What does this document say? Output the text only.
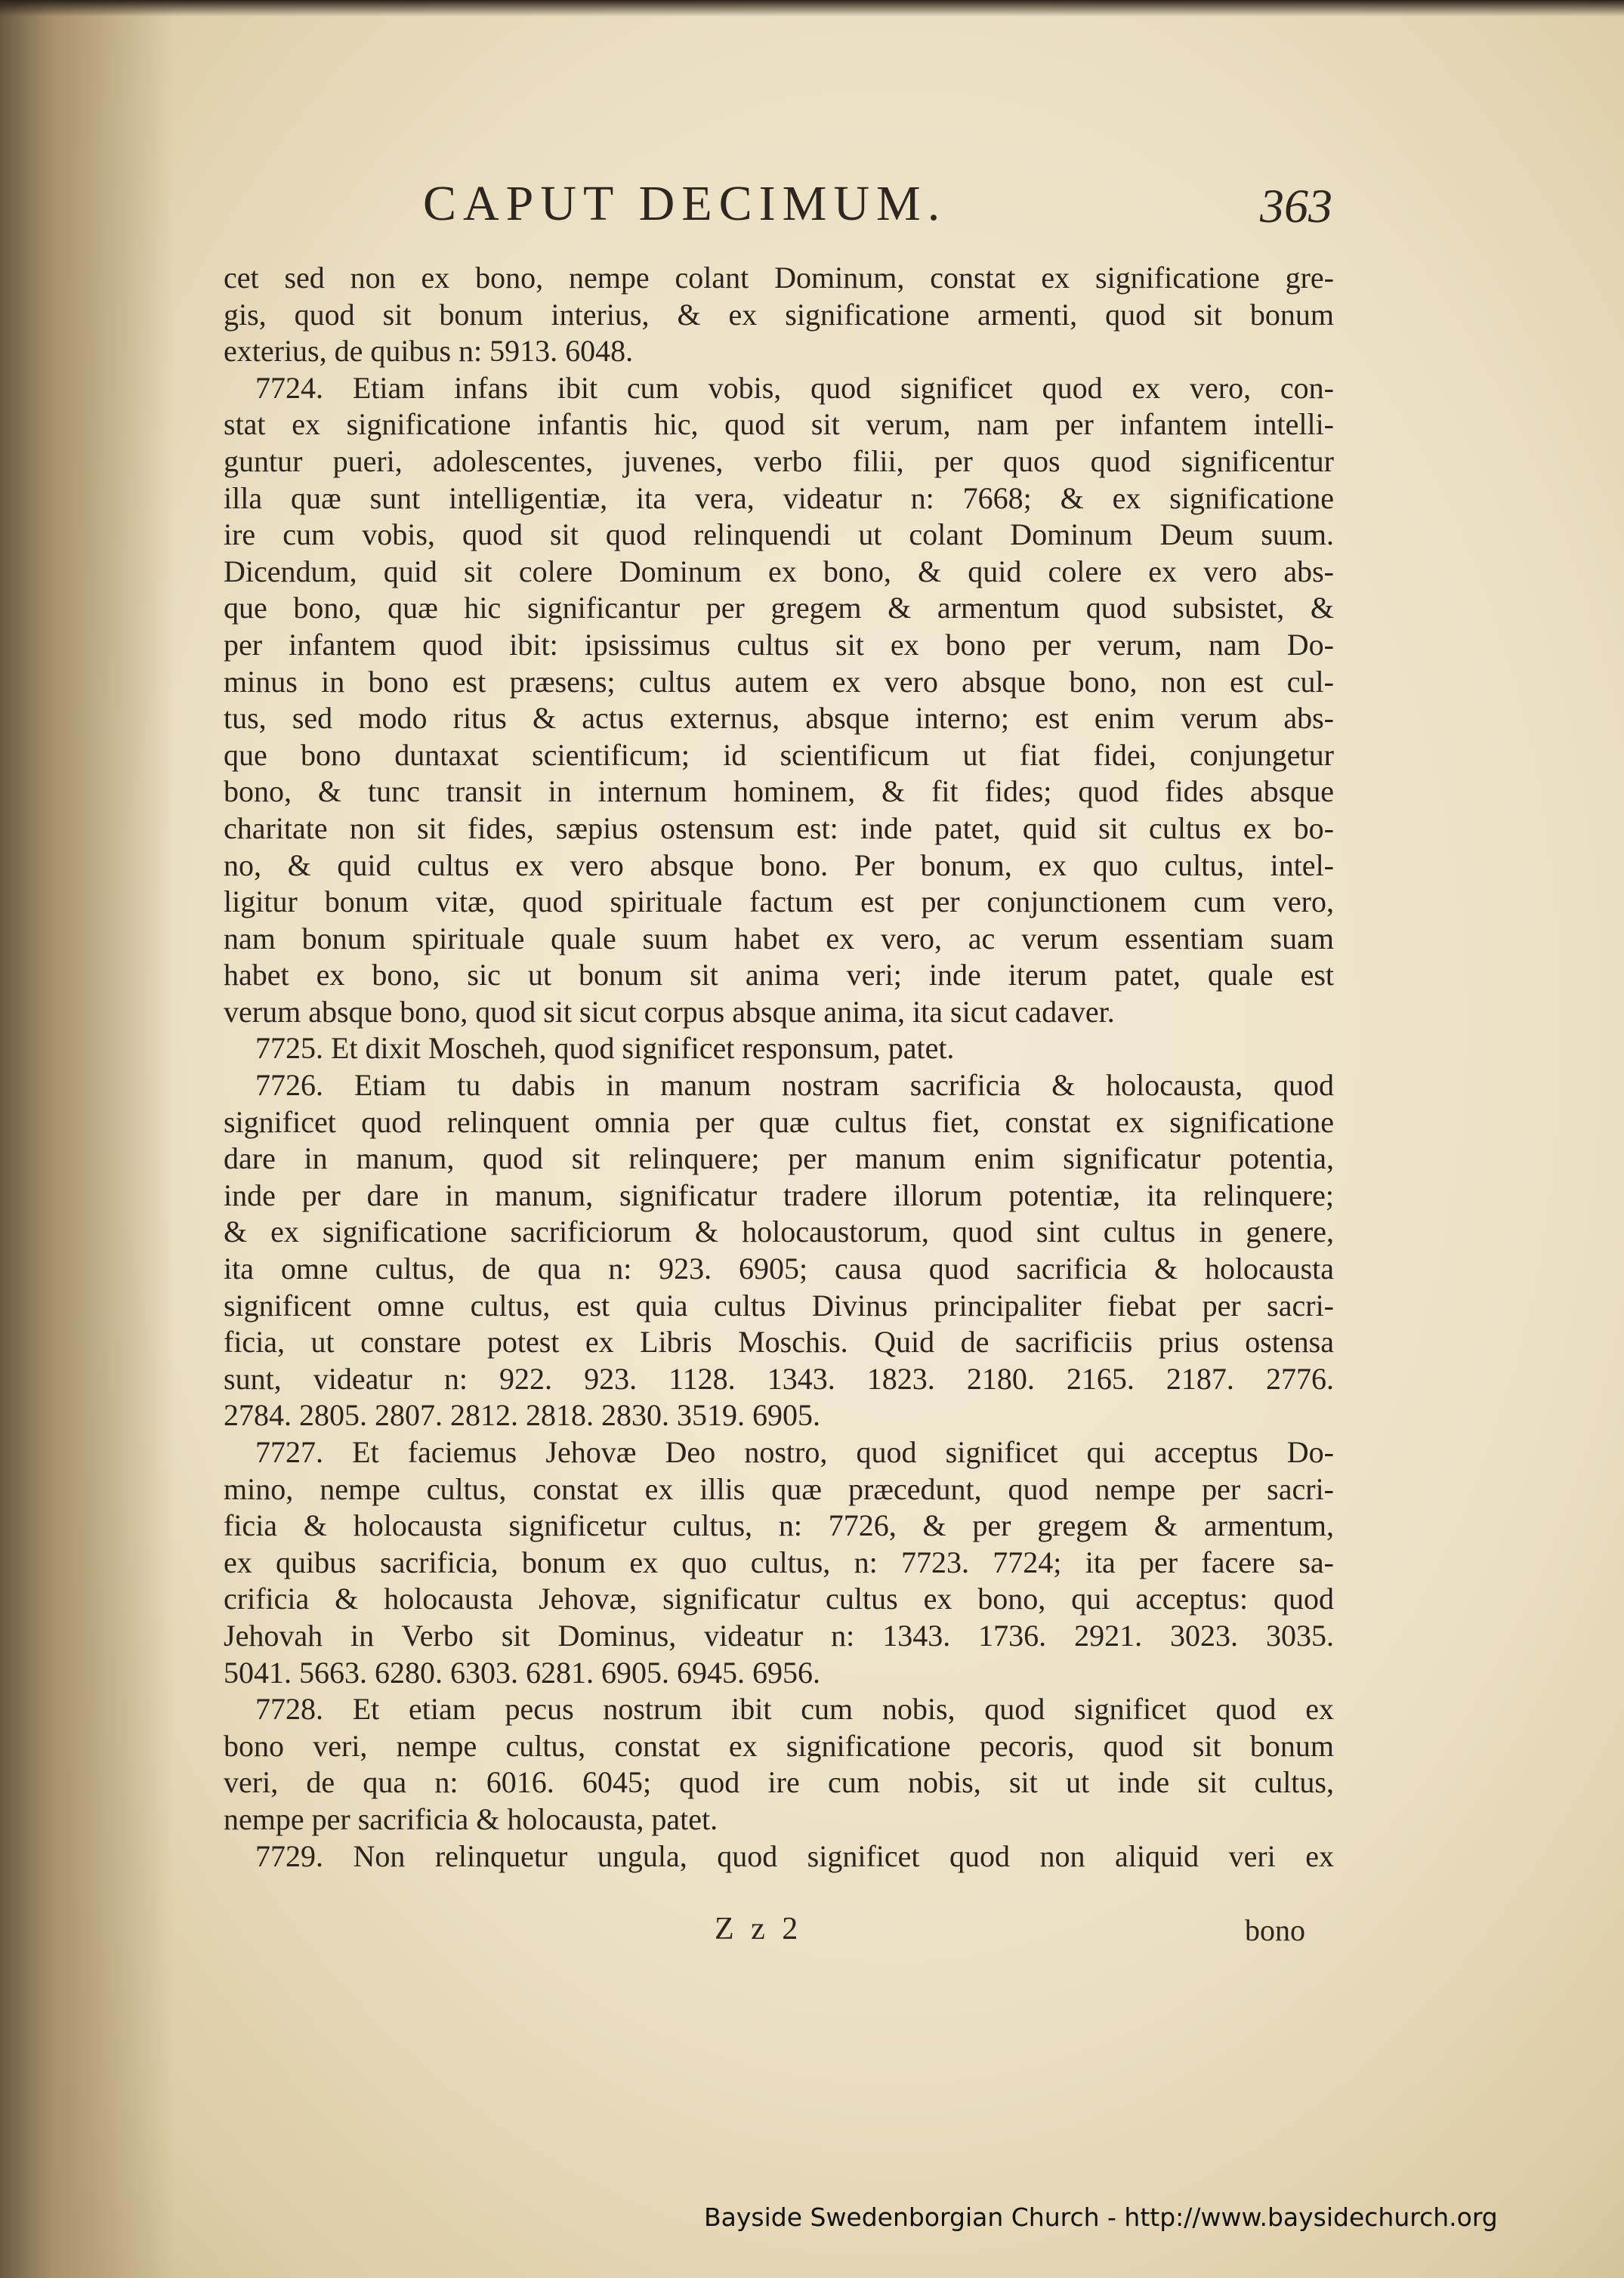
CAPUT DECIMUM.	363
cet sed non ex bono, nempe colant Dominum, constat ex significatione gre-
gis, quod sit bonum interius, & ex significatione armenti, quod sit bonum
exterius, de quibus n: 5913. 6048.
7724. Etiam infans ibit cum vobis, quod significet quod ex vero, con-
stat ex significatione infantis hic, quod sit verum, nam per infantem intelli-
guntur pueri, adolescentes, juvenes, verbo filii, per quos quod significentur
illa quæ sunt intelligentiæ, ita vera, videatur n: 7668; & ex significatione
ire cum vobis, quod sit quod relinquendi ut colant Dominum Deum suum.
Dicendum, quid sit colere Dominum ex bono, & quid colere ex vero abs-
que bono, quæ hic significantur per gregem & armentum quod subsistet, &
per infantem quod ibit: ipsissimus cultus sit ex bono per verum, nam Do-
minus in bono est præsens; cultus autem ex vero absque bono, non est cul-
tus, sed modo ritus & actus externus, absque interno; est enim verum abs-
que bono duntaxat scientificum; id scientificum ut fiat fidei, conjungetur
bono, & tunc transit in internum hominem, & fit fides; quod fides absque
charitate non sit fides, sæpius ostensum est: inde patet, quid sit cultus ex bo-
no, & quid cultus ex vero absque bono. Per bonum, ex quo cultus, intel-
ligitur bonum vitæ, quod spirituale factum est per conjunctionem cum vero,
nam bonum spirituale quale suum habet ex vero, ac verum essentiam suam
habet ex bono, sic ut bonum sit anima veri; inde iterum patet, quale est
verum absque bono, quod sit sicut corpus absque anima, ita sicut cadaver.
7725. Et dixit Moscheh, quod significet responsum, patet.
7726. Etiam tu dabis in manum nostram sacrificia & holocausta, quod
significet quod relinquent omnia per quæ cultus fiet, constat ex significatione
dare in manum, quod sit relinquere; per manum enim significatur potentia,
inde per dare in manum, significatur tradere illorum potentiæ, ita relinquere;
& ex significatione sacrificiorum & holocaustorum, quod sint cultus in genere,
ita omne cultus, de qua n: 923. 6905; causa quod sacrificia & holocausta
significent omne cultus, est quia cultus Divinus principaliter fiebat per sacri-
ficia, ut constare potest ex Libris Moschis. Quid de sacrificiis prius ostensa
sunt, videatur n: 922. 923. 1128. 1343. 1823. 2180. 2165. 2187. 2776.
2784. 2805. 2807. 2812. 2818. 2830. 3519. 6905.
7727. Et faciemus Jehovæ Deo nostro, quod significet qui acceptus Do-
mino, nempe cultus, constat ex illis quæ præcedunt, quod nempe per sacri-
ficia & holocausta significetur cultus, n: 7726, & per gregem & armentum,
ex quibus sacrificia, bonum ex quo cultus, n: 7723. 7724; ita per facere sa-
crificia & holocausta Jehovæ, significatur cultus ex bono, qui acceptus: quod
Jehovah in Verbo sit Dominus, videatur n: 1343. 1736. 2921. 3023. 3035.
5041. 5663. 6280. 6303. 6281. 6905. 6945. 6956.
7728. Et etiam pecus nostrum ibit cum nobis, quod significet quod ex
bono veri, nempe cultus, constat ex significatione pecoris, quod sit bonum
veri, de qua n: 6016. 6045; quod ire cum nobis, sit ut inde sit cultus,
nempe per sacrificia & holocausta, patet.
7729. Non relinquetur ungula, quod significet quod non aliquid veri ex
Z z 2	bono
Bayside Swedenborgian Church - http://www.baysidechurch.org
